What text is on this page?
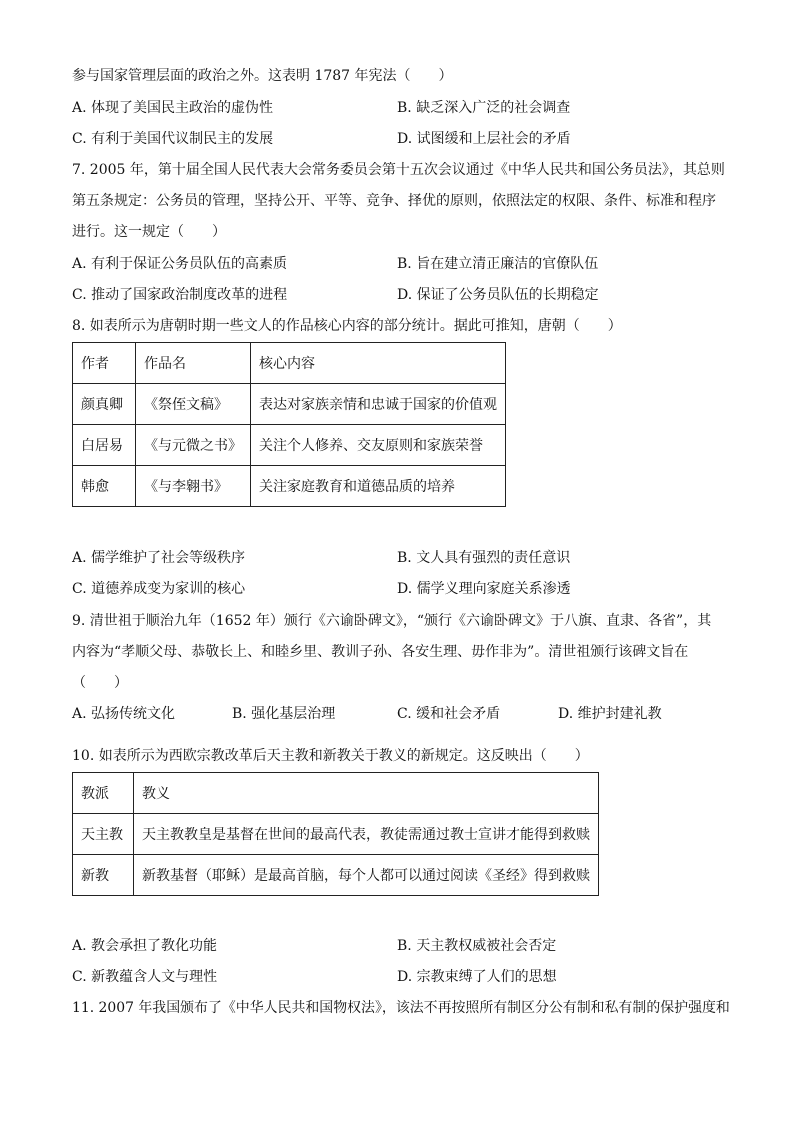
参与国家管理层面的政治之外。这表明 1787 年宪法（　　）
A. 体现了美国民主政治的虚伪性	B. 缺乏深入广泛的社会调查
C. 有利于美国代议制民主的发展	D. 试图缓和上层社会的矛盾
7. 2005 年，第十届全国人民代表大会常务委员会第十五次会议通过《中华人民共和国公务员法》，其总则
第五条规定：公务员的管理，坚持公开、平等、竞争、择优的原则，依照法定的权限、条件、标准和程序
进行。这一规定（　　）
A. 有利于保证公务员队伍的高素质	B. 旨在建立清正廉洁的官僚队伍
C. 推动了国家政治制度改革的进程	D. 保证了公务员队伍的长期稳定
8. 如表所示为唐朝时期一些文人的作品核心内容的部分统计。据此可推知，唐朝（　　）
作者	作品名	核心内容
颜真卿	《祭侄文稿》	表达对家族亲情和忠诚于国家的价值观
白居易	《与元微之书》	关注个人修养、交友原则和家族荣誉
韩愈	《与李翱书》	关注家庭教育和道德品质的培养
A. 儒学维护了社会等级秩序	B. 文人具有强烈的责任意识
C. 道德养成变为家训的核心	D. 儒学义理向家庭关系渗透
9. 清世祖于顺治九年（1652 年）颁行《六谕卧碑文》，“颁行《六谕卧碑文》于八旗、直隶、各省”，其
内容为“孝顺父母、恭敬长上、和睦乡里、教训子孙、各安生理、毋作非为”。清世祖颁行该碑文旨在
（　　）
A. 弘扬传统文化	B. 强化基层治理	C. 缓和社会矛盾	D. 维护封建礼教
10. 如表所示为西欧宗教改革后天主教和新教关于教义的新规定。这反映出（　　）
教派	教义
天主教	天主教教皇是基督在世间的最高代表，教徒需通过教士宣讲才能得到救赎
新教	新教基督（耶稣）是最高首脑，每个人都可以通过阅读《圣经》得到救赎
A. 教会承担了教化功能	B. 天主教权威被社会否定
C. 新教蕴含人文与理性	D. 宗教束缚了人们的思想
11. 2007 年我国颁布了《中华人民共和国物权法》，该法不再按照所有制区分公有制和私有制的保护强度和
